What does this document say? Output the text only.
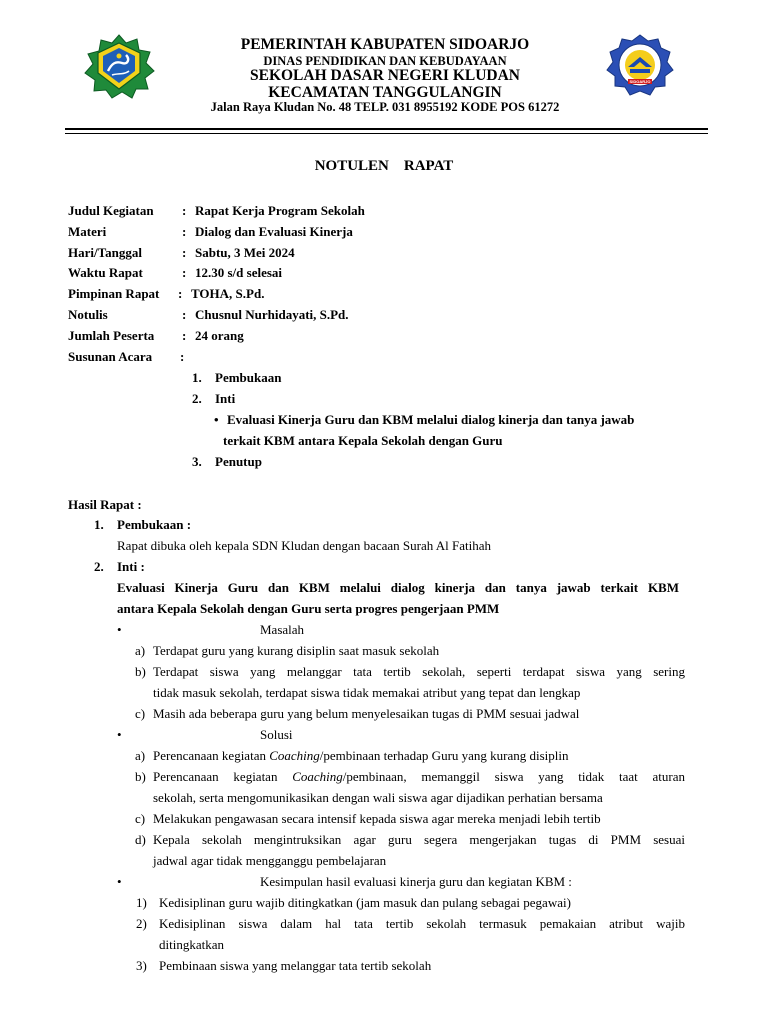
PEMERINTAH KABUPATEN SIDOARJO
DINAS PENDIDIKAN DAN KEBUDAYAAN
SEKOLAH DASAR NEGERI KLUDAN
KECAMATAN TANGGULANGIN
Jalan Raya Kludan No. 48 TELP. 031 8955192 KODE POS 61272
SIDOARJO
NOTULEN    RAPAT
Judul Kegiatan : Rapat Kerja Program Sekolah
Materi	: Dialog dan Evaluasi Kinerja
Hari/Tanggal	: Sabtu, 3 Mei 2024
Waktu Rapat	: 12.30 s/d selesai
Pimpinan Rapat : TOHA, S.Pd.
Notulis	: Chusnul Nurhidayati, S.Pd.
Jumlah Peserta : 24 orang
Susunan Acara :
1. Pembukaan
2. Inti
• Evaluasi Kinerja Guru dan KBM melalui dialog kinerja dan tanya jawab
terkait KBM antara Kepala Sekolah dengan Guru
3. Penutup
Hasil Rapat :
1. Pembukaan :
Rapat dibuka oleh kepala SDN Kludan dengan bacaan Surah Al Fatihah
2. Inti :
Evaluasi Kinerja Guru dan KBM melalui dialog kinerja dan tanya jawab terkait KBM
antara Kepala Sekolah dengan Guru serta progres pengerjaan PMM
•	Masalah
a) Terdapat guru yang kurang disiplin saat masuk sekolah
b) Terdapat siswa yang melanggar tata tertib sekolah, seperti terdapat siswa yang sering
tidak masuk sekolah, terdapat siswa tidak memakai atribut yang tepat dan lengkap
c) Masih ada beberapa guru yang belum menyelesaikan tugas di PMM sesuai jadwal
•	Solusi
a) Perencanaan kegiatan Coaching/pembinaan terhadap Guru yang kurang disiplin
b) Perencanaan kegiatan Coaching/pembinaan, memanggil siswa yang tidak taat aturan
sekolah, serta mengomunikasikan dengan wali siswa agar dijadikan perhatian bersama
c) Melakukan pengawasan secara intensif kepada siswa agar mereka menjadi lebih tertib
d) Kepala sekolah mengintruksikan agar guru segera mengerjakan tugas di PMM sesuai
jadwal agar tidak mengganggu pembelajaran
•	Kesimpulan hasil evaluasi kinerja guru dan kegiatan KBM :
1) Kedisiplinan guru wajib ditingkatkan (jam masuk dan pulang sebagai pegawai)
2) Kedisiplinan siswa dalam hal tata tertib sekolah termasuk pemakaian atribut wajib
ditingkatkan
3) Pembinaan siswa yang melanggar tata tertib sekolah
